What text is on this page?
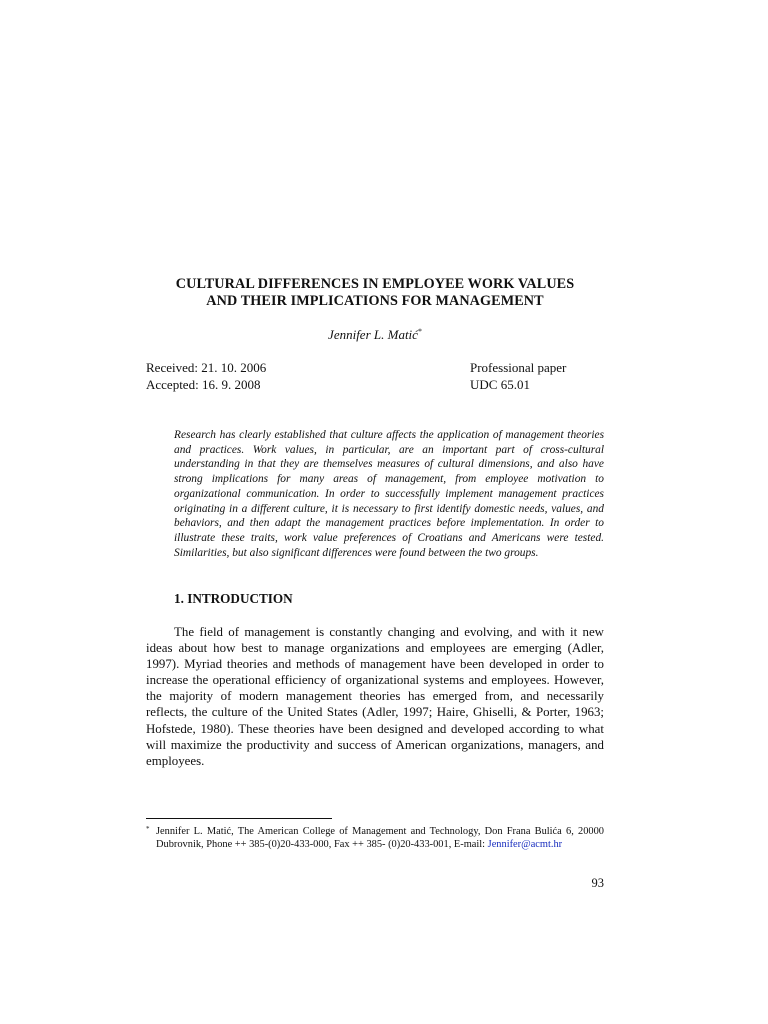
CULTURAL DIFFERENCES IN EMPLOYEE WORK VALUES
AND THEIR IMPLICATIONS FOR MANAGEMENT
Jennifer L. Matić*
Received: 21. 10. 2006
Accepted: 16. 9. 2008
Professional paper
UDC 65.01
Research has clearly established that culture affects the application of management theories and practices. Work values, in particular, are an important part of cross-cultural understanding in that they are themselves measures of cultural dimensions, and also have strong implications for many areas of management, from employee motivation to organizational communication. In order to successfully implement management practices originating in a different culture, it is necessary to first identify domestic needs, values, and behaviors, and then adapt the management practices before implementation. In order to illustrate these traits, work value preferences of Croatians and Americans were tested. Similarities, but also significant differences were found between the two groups.
1. INTRODUCTION
The field of management is constantly changing and evolving, and with it new ideas about how best to manage organizations and employees are emerging (Adler, 1997). Myriad theories and methods of management have been developed in order to increase the operational efficiency of organizational systems and employees. However, the majority of modern management theories has emerged from, and necessarily reflects, the culture of the United States (Adler, 1997; Haire, Ghiselli, & Porter, 1963; Hofstede, 1980). These theories have been designed and developed according to what will maximize the productivity and success of American organizations, managers, and employees.
* Jennifer L. Matić, The American College of Management and Technology, Don Frana Bulića 6, 20000 Dubrovnik, Phone ++ 385-(0)20-433-000, Fax ++ 385- (0)20-433-001, E-mail: Jennifer@acmt.hr
93
